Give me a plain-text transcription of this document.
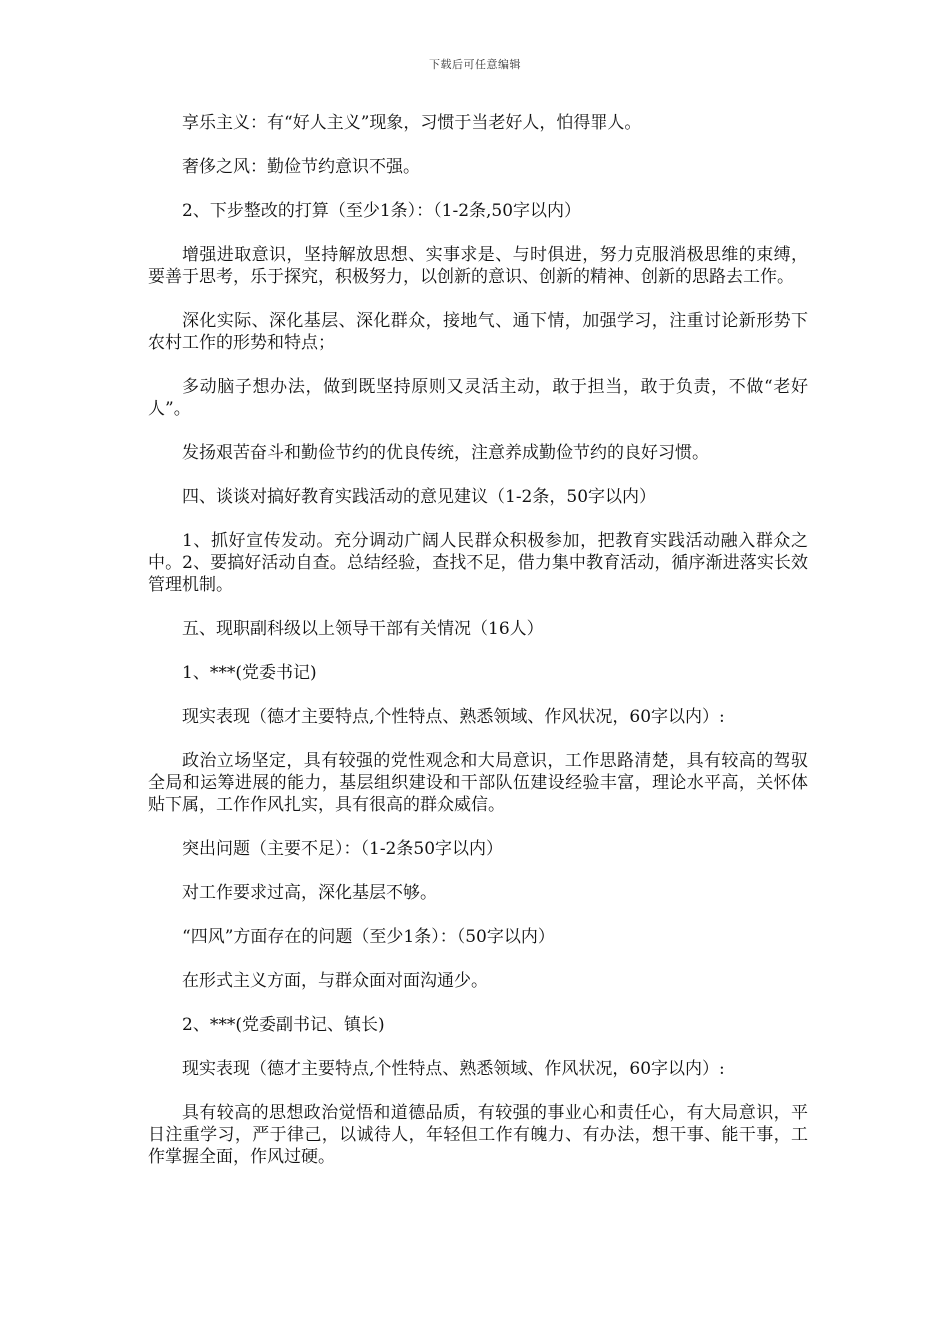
下载后可任意编辑

享乐主义：有“好人主义”现象，习惯于当老好人，怕得罪人。

奢侈之风：勤俭节约意识不强。

2、下步整改的打算（至少1条）：（1-2条,50字以内）

增强进取意识，坚持解放思想、实事求是、与时俱进，努力克服消极思维的束缚，要善于思考，乐于探究，积极努力，以创新的意识、创新的精神、创新的思路去工作。

深化实际、深化基层、深化群众，接地气、通下情，加强学习，注重讨论新形势下农村工作的形势和特点；

多动脑子想办法，做到既坚持原则又灵活主动，敢于担当，敢于负责，不做“老好人”。

发扬艰苦奋斗和勤俭节约的优良传统，注意养成勤俭节约的良好习惯。

四、谈谈对搞好教育实践活动的意见建议（1-2条，50字以内）

1、抓好宣传发动。充分调动广阔人民群众积极参加，把教育实践活动融入群众之中。2、要搞好活动自查。总结经验，查找不足，借力集中教育活动，循序渐进落实长效管理机制。

五、现职副科级以上领导干部有关情况（16人）

1、***(党委书记)

现实表现（德才主要特点,个性特点、熟悉领域、作风状况，60字以内）:

政治立场坚定，具有较强的党性观念和大局意识，工作思路清楚，具有较高的驾驭全局和运筹进展的能力，基层组织建设和干部队伍建设经验丰富，理论水平高，关怀体贴下属，工作作风扎实，具有很高的群众威信。

突出问题（主要不足）：（1-2条50字以内）

对工作要求过高，深化基层不够。

“四风”方面存在的问题（至少1条）：（50字以内）

在形式主义方面，与群众面对面沟通少。

2、***(党委副书记、镇长)

现实表现（德才主要特点,个性特点、熟悉领域、作风状况，60字以内）:

具有较高的思想政治觉悟和道德品质，有较强的事业心和责任心，有大局意识，平日注重学习，严于律己，以诚待人，年轻但工作有魄力、有办法，想干事、能干事，工作掌握全面，作风过硬。
